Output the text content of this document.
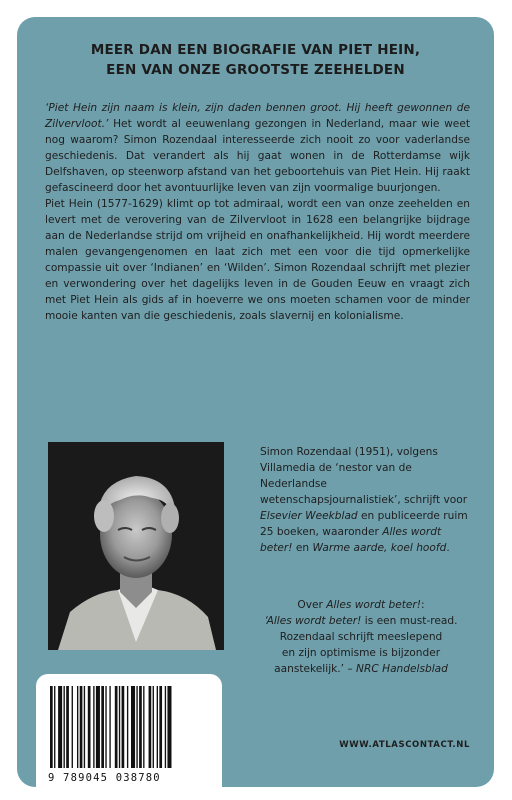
MEER DAN EEN BIOGRAFIE VAN PIET HEIN,
EEN VAN ONZE GROOTSTE ZEEHELDEN

‘Piet Hein zijn naam is klein, zijn daden bennen groot. Hij heeft gewonnen de Zilvervloot.’ Het wordt al eeuwenlang gezongen in Nederland, maar wie weet nog waarom? Simon Rozendaal interesseerde zich nooit zo voor vaderlandse geschiedenis. Dat verandert als hij gaat wonen in de Rotterdamse wijk Delfshaven, op steenworp afstand van het geboortehuis van Piet Hein. Hij raakt gefascineerd door het avontuurlijke leven van zijn voormalige buurjongen.

Piet Hein (1577-1629) klimt op tot admiraal, wordt een van onze zeehelden en levert met de verovering van de Zilvervloot in 1628 een belangrijke bijdrage aan de Nederlandse strijd om vrijheid en onafhankelijkheid. Hij wordt meerdere malen gevangengenomen en laat zich met een voor die tijd opmerkelijke compassie uit over ‘Indianen’ en ‘Wilden’. Simon Rozendaal schrijft met plezier en verwondering over het dagelijks leven in de Gouden Eeuw en vraagt zich met Piet Hein als gids af in hoeverre we ons moeten schamen voor de minder mooie kanten van die geschiedenis, zoals slavernij en kolonialisme.

Simon Rozendaal (1951), volgens Villamedia de ‘nestor van de Nederlandse wetenschapsjournalistiek’, schrijft voor Elsevier Weekblad en publiceerde ruim 25 boeken, waaronder Alles wordt beter! en Warme aarde, koel hoofd.
Over Alles wordt beter!:
‘Alles wordt beter! is een must-read.
Rozendaal schrijft meeslepend
en zijn optimisme is bijzonder
aanstekelijk.’ – NRC Handelsblad
WWW.ATLASCONTACT.NL
9 789045 038780
